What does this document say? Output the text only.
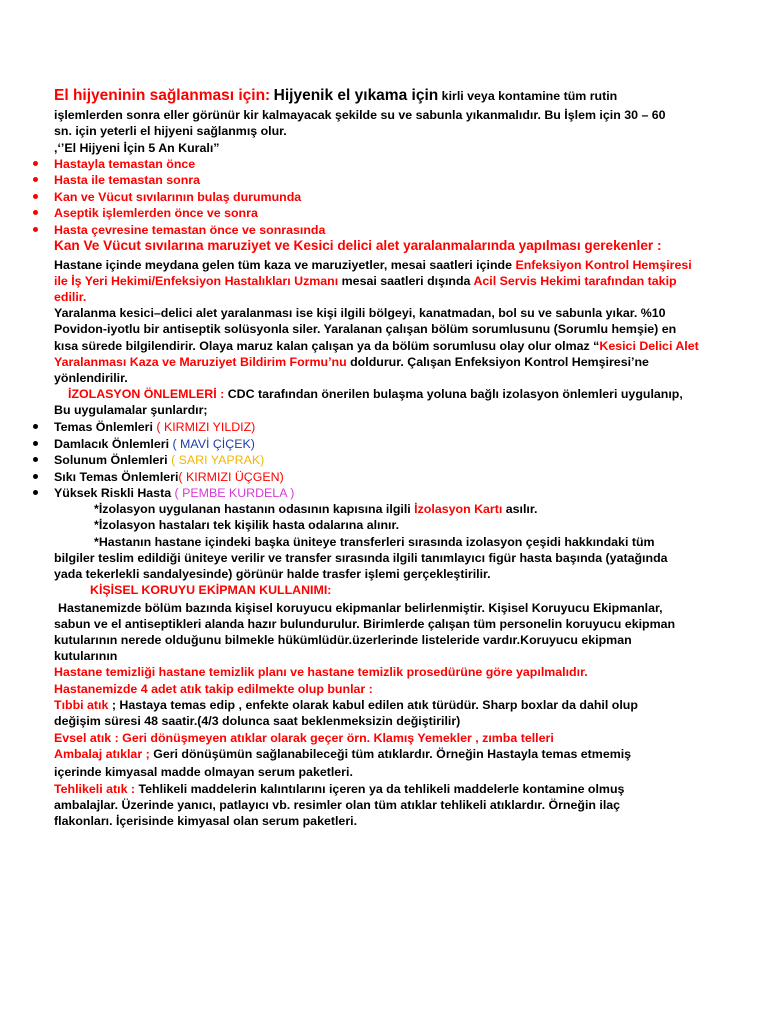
El hijyeninin sağlanması için: Hijyenik el yıkama için kirli veya kontamine tüm rutin
işlemlerden sonra eller görünür kir kalmayacak şekilde su ve sabunla yıkanmalıdır. Bu İşlem için 30 – 60
sn. için yeterli el hijyeni sağlanmış olur.
,‘’El Hijyeni İçin 5 An Kuralı”
Hastayla temastan önce
Hasta ile temastan sonra
Kan ve Vücut sıvılarının bulaş durumunda
Aseptik işlemlerden önce ve sonra
Hasta çevresine temastan önce ve sonrasında
Kan Ve Vücut sıvılarına maruziyet ve Kesici delici alet yaralanmalarında yapılması gerekenler :
Hastane içinde meydana gelen tüm kaza ve maruziyetler, mesai saatleri içinde Enfeksiyon Kontrol Hemşiresi
ile İş Yeri Hekimi/Enfeksiyon Hastalıkları Uzmanı mesai saatleri dışında Acil Servis Hekimi tarafından takip
edilir.
Yaralanma kesici–delici alet yaralanması ise kişi ilgili bölgeyi, kanatmadan, bol su ve sabunla yıkar. %10
Povidon-iyotlu bir antiseptik solüsyonla siler. Yaralanan çalışan bölüm sorumlusunu (Sorumlu hemşie) en
kısa sürede bilgilendirir. Olaya maruz kalan çalışan ya da bölüm sorumlusu olay olur olmaz “Kesici Delici Alet
Yaralanması Kaza ve Maruziyet Bildirim Formu’nu doldurur. Çalışan Enfeksiyon Kontrol Hemşiresi’ne
yönlendirilir.
İZOLASYON ÖNLEMLERİ : CDC tarafından önerilen bulaşma yoluna bağlı izolasyon önlemleri uygulanıp,
Bu uygulamalar şunlardır;
Temas Önlemleri ( KIRMIZI YILDIZ)
Damlacık Önlemleri ( MAVİ ÇİÇEK)
Solunum Önlemleri ( SARI YAPRAK)
Sıkı Temas Önlemleri( KIRMIZI ÜÇGEN)
Yüksek Riskli Hasta ( PEMBE KURDELA )
*İzolasyon uygulanan hastanın odasının kapısına ilgili İzolasyon Kartı asılır.
*İzolasyon hastaları tek kişilik hasta odalarına alınır.
*Hastanın hastane içindeki başka üniteye transferleri sırasında izolasyon çeşidi hakkındaki tüm
bilgiler teslim edildiği üniteye verilir ve transfer sırasında ilgili tanımlayıcı figür hasta başında (yatağında
yada tekerlekli sandalyesinde) görünür halde trasfer işlemi gerçekleştirilir.
KİŞİSEL KORUYU EKİPMAN KULLANIMI:
Hastanemizde bölüm bazında kişisel koruyucu ekipmanlar belirlenmiştir. Kişisel Koruyucu Ekipmanlar,
sabun ve el antiseptikleri alanda hazır bulundurulur. Birimlerde çalışan tüm personelin koruyucu ekipman
kutularının nerede olduğunu bilmekle hükümlüdür.üzerlerinde listeleride vardır.Koruyucu ekipman
kutularının
Hastane temizliği hastane temizlik planı ve hastane temizlik prosedürüne göre yapılmalıdır.
Hastanemizde 4 adet atık takip edilmekte olup bunlar :
Tıbbi atık ; Hastaya temas edip , enfekte olarak kabul edilen atık türüdür. Sharp boxlar da dahil olup
değişim süresi 48 saatir.(4/3 dolunca saat beklenmeksizin değiştirilir)
Evsel atık : Geri dönüşmeyen atıklar olarak geçer örn. Klamış Yemekler , zımba telleri
Ambalaj atıklar ; Geri dönüşümün sağlanabileceği tüm atıklardır. Örneğin Hastayla temas etmemiş
içerinde kimyasal madde olmayan serum paketleri.
Tehlikeli atık : Tehlikeli maddelerin kalıntılarını içeren ya da tehlikeli maddelerle kontamine olmuş
ambalajlar. Üzerinde yanıcı, patlayıcı vb. resimler olan tüm atıklar tehlikeli atıklardır. Örneğin ilaç
flakonları. İçerisinde kimyasal olan serum paketleri.
